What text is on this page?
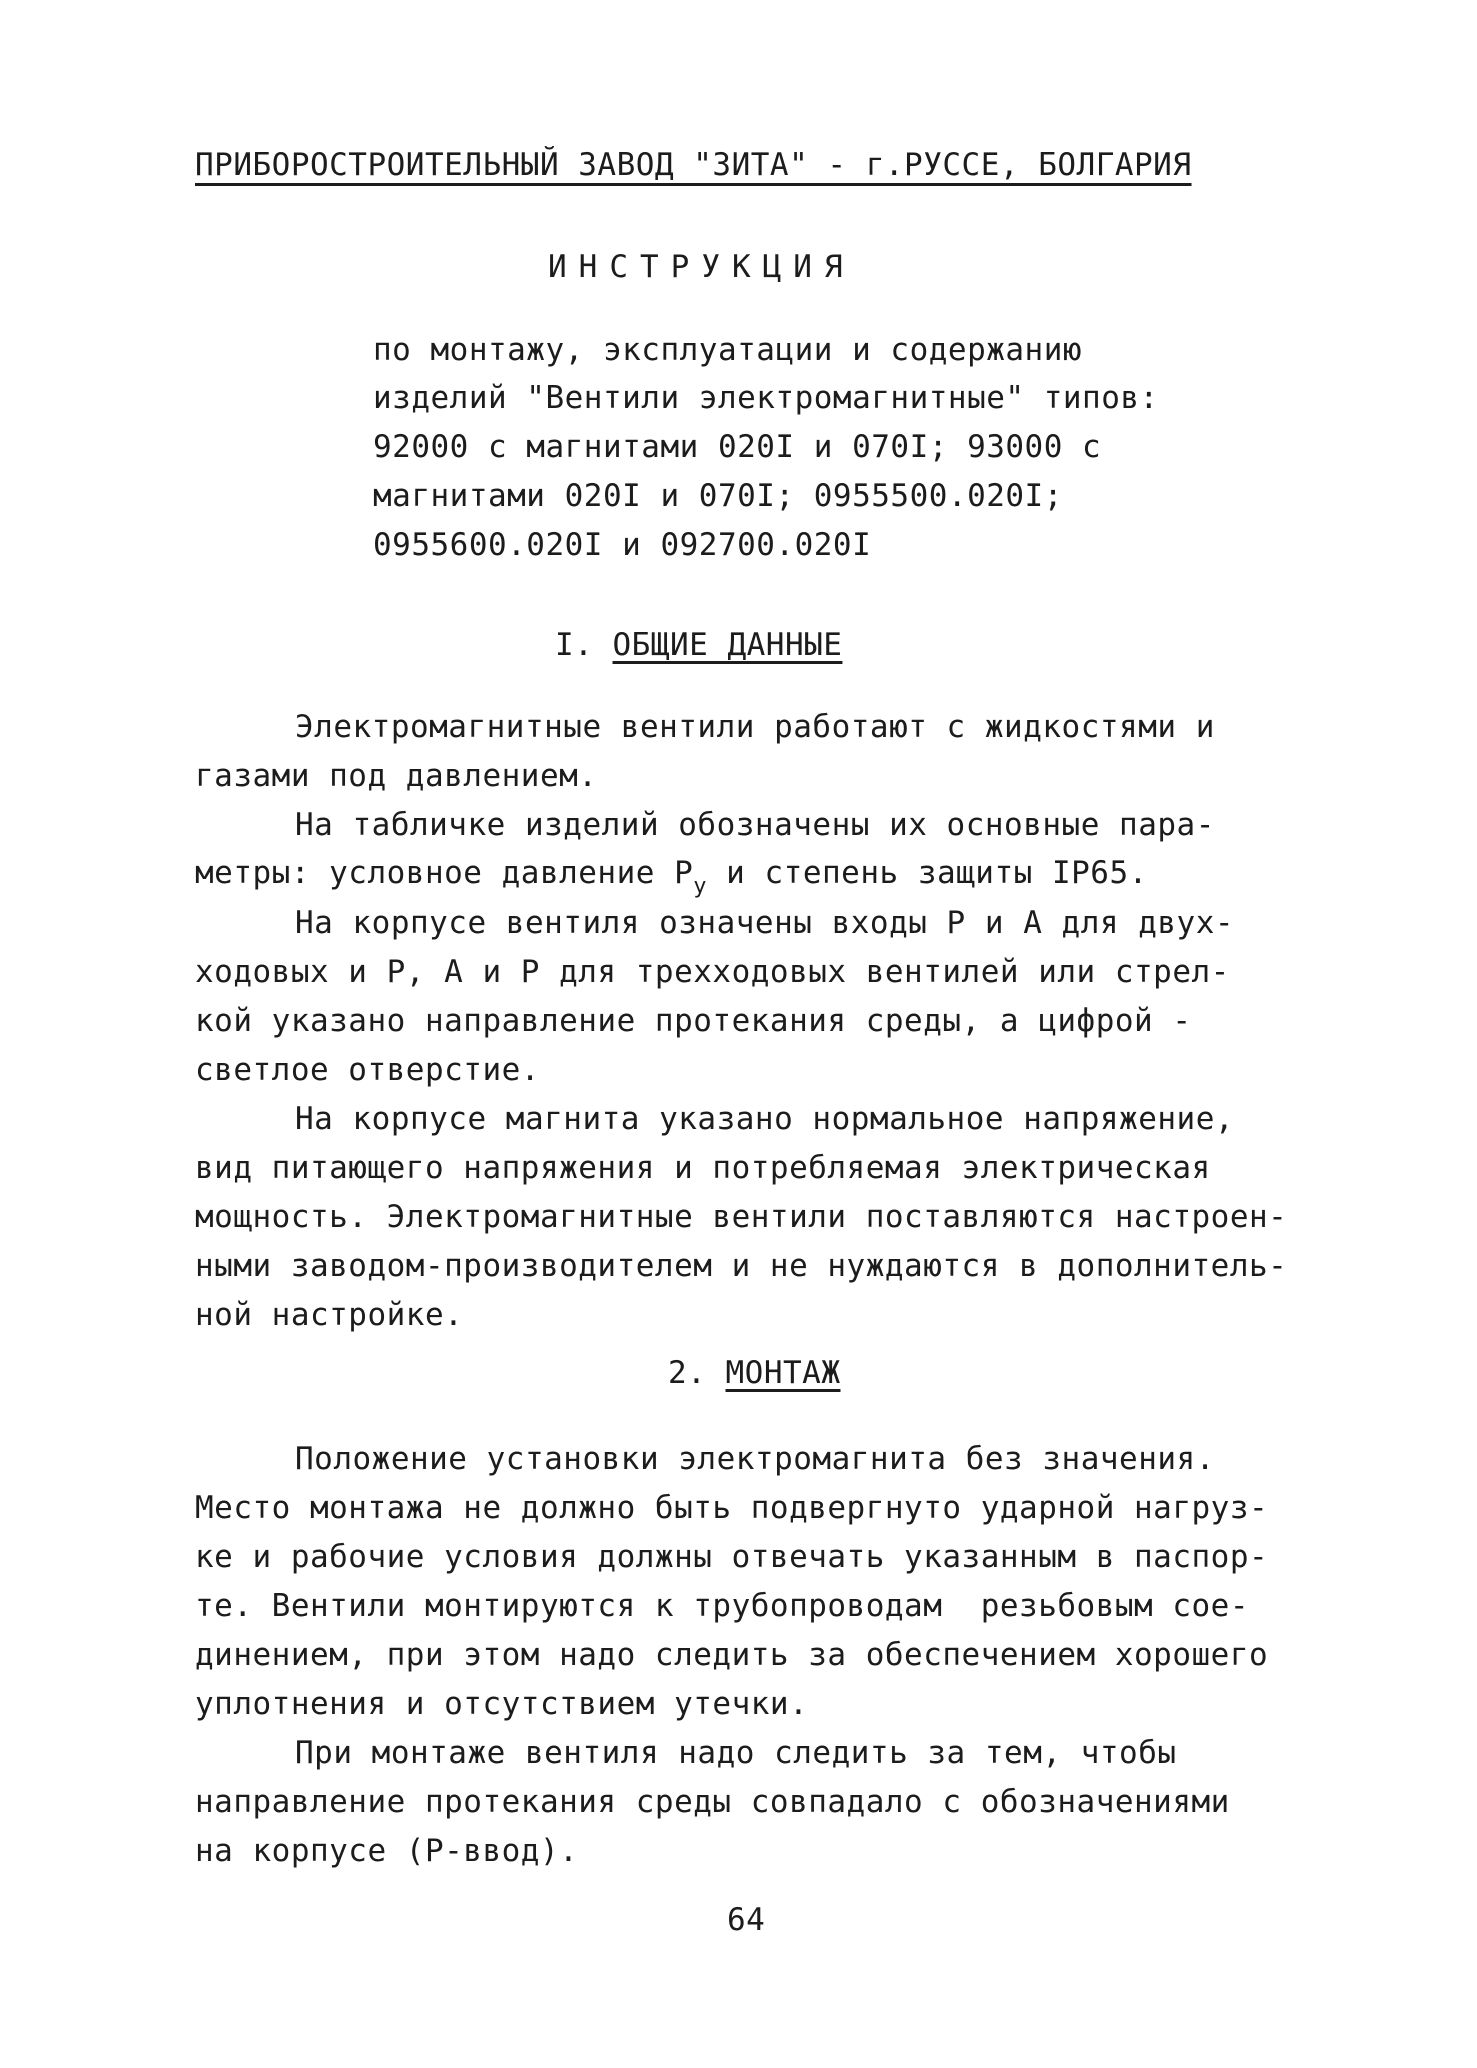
ПРИБОРОСТРОИТЕЛЬНЫЙ ЗАВОД "ЗИТА" - г.РУССЕ, БОЛГАРИЯ
ИНСТРУКЦИЯ
по монтажу, эксплуатации и содержанию
изделий "Вентили электромагнитные" типов:
92000 с магнитами 020I и 070I; 93000 с
магнитами 020I и 070I; 0955500.020I;
0955600.020I и 092700.020I
I. ОБЩИЕ ДАННЫЕ
Электромагнитные вентили работают с жидкостями и
газами под давлением.
На табличке изделий обозначены их основные пара-
метры: условное давление $Р_у$ и степень защиты IР65.
На корпусе вентиля означены входы Р и А для двух-
ходовых и Р, А и Р для трехходовых вентилей или стрел-
кой указано направление протекания среды, а цифрой -
светлое отверстие.
На корпусе магнита указано нормальное напряжение,
вид питающего напряжения и потребляемая электрическая
мощность. Электромагнитные вентили поставляются настроен-
ными заводом-производителем и не нуждаются в дополнитель-
ной настройке.
2. МОНТАЖ
Положение установки электромагнита без значения.
Место монтажа не должно быть подвергнуто ударной нагруз-
ке и рабочие условия должны отвечать указанным в паспор-
те. Вентили монтируются к трубопроводам  резьбовым сое-
динением, при этом надо следить за обеспечением хорошего
уплотнения и отсутствием утечки.
При монтаже вентиля надо следить за тем, чтобы
направление протекания среды совпадало с обозначениями
на корпусе (Р-ввод).
64
